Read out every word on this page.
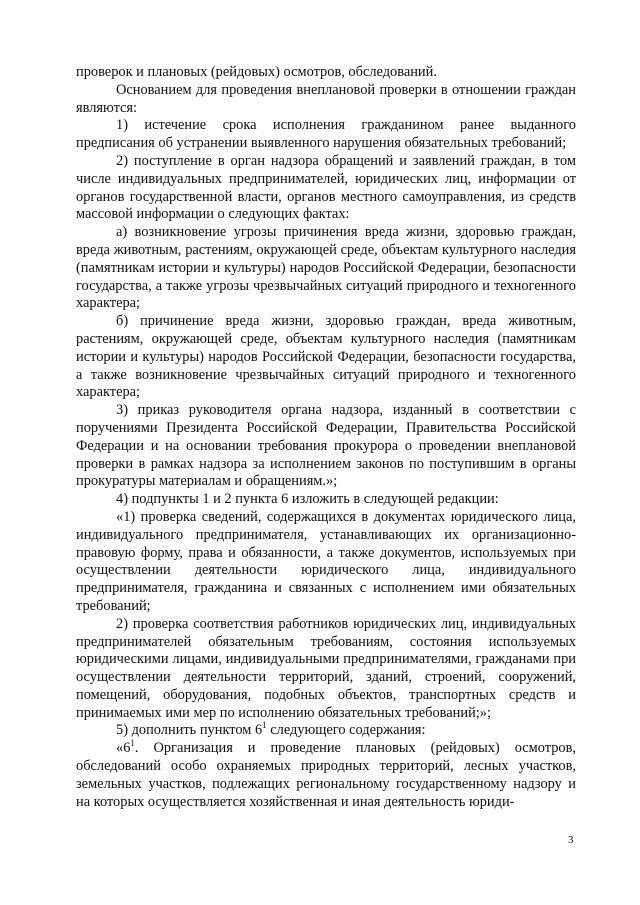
проверок и плановых (рейдовых) осмотров, обследований.

Основанием для проведения внеплановой проверки в отношении граждан являются:

1) истечение срока исполнения гражданином ранее выданного предписания об устранении выявленного нарушения обязательных требований;

2) поступление в орган надзора обращений и заявлений граждан, в том числе индивидуальных предпринимателей, юридических лиц, информации от органов государственной власти, органов местного самоуправления, из средств массовой информации о следующих фактах:

а) возникновение угрозы причинения вреда жизни, здоровью граждан, вреда животным, растениям, окружающей среде, объектам культурного наследия (памятникам истории и культуры) народов Российской Федерации, безопасности государства, а также угрозы чрезвычайных ситуаций природного и техногенного характера;

б) причинение вреда жизни, здоровью граждан, вреда животным, растениям, окружающей среде, объектам культурного наследия (памятникам истории и культуры) народов Российской Федерации, безопасности государства, а также возникновение чрезвычайных ситуаций природного и техногенного характера;

3) приказ руководителя органа надзора, изданный в соответствии с поручениями Президента Российской Федерации, Правительства Российской Федерации и на основании требования прокурора о проведении внеплановой проверки в рамках надзора за исполнением законов по поступившим в органы прокуратуры материалам и обращениям.»;

4) подпункты 1 и 2 пункта 6 изложить в следующей редакции:

«1) проверка сведений, содержащихся в документах юридического лица, индивидуального предпринимателя, устанавливающих их организационно-правовую форму, права и обязанности, а также документов, используемых при осуществлении деятельности юридического лица, индивидуального предпринимателя, гражданина и связанных с исполнением ими обязательных требований;

2) проверка соответствия работников юридических лиц, индивидуальных предпринимателей обязательным требованиям, состояния используемых юридическими лицами, индивидуальными предпринимателями, гражданами при осуществлении деятельности территорий, зданий, строений, сооружений, помещений, оборудования, подобных объектов, транспортных средств и принимаемых ими мер по исполнению обязательных требований;»;

5) дополнить пунктом $6^1$ следующего содержания:

«$6^1$. Организация и проведение плановых (рейдовых) осмотров, обследований особо охраняемых природных территорий, лесных участков, земельных участков, подлежащих региональному государственному надзору и на которых осуществляется хозяйственная и иная деятельность юриди-

3
